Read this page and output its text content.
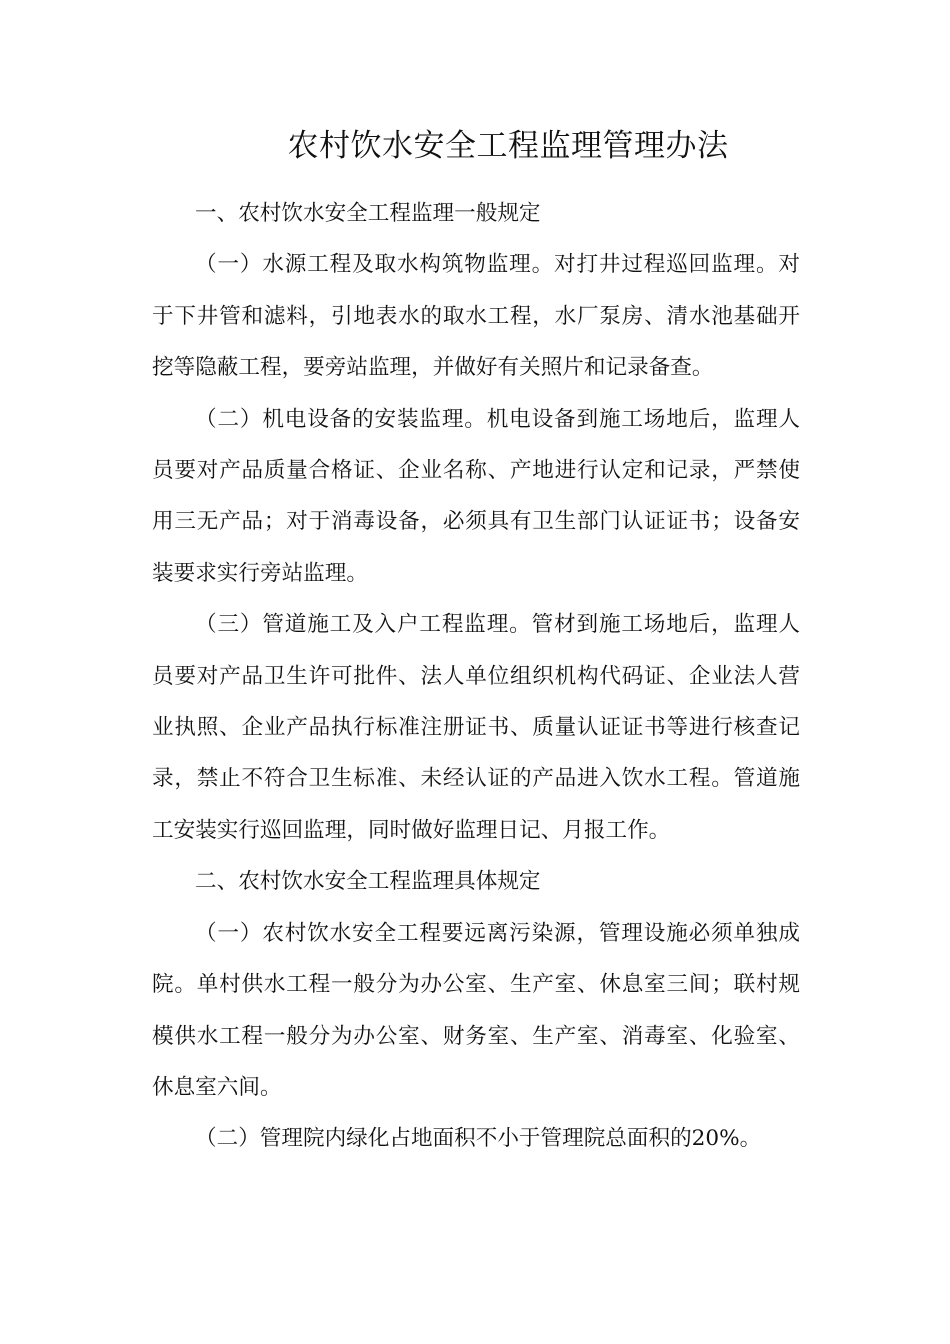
农村饮水安全工程监理管理办法

一、农村饮水安全工程监理一般规定

（一）水源工程及取水构筑物监理。对打井过程巡回监理。对
于下井管和滤料，引地表水的取水工程，水厂泵房、清水池基础开
挖等隐蔽工程，要旁站监理，并做好有关照片和记录备查。

（二）机电设备的安装监理。机电设备到施工场地后，监理人
员要对产品质量合格证、企业名称、产地进行认定和记录，严禁使
用三无产品；对于消毒设备，必须具有卫生部门认证证书；设备安
装要求实行旁站监理。

（三）管道施工及入户工程监理。管材到施工场地后，监理人
员要对产品卫生许可批件、法人单位组织机构代码证、企业法人营
业执照、企业产品执行标准注册证书、质量认证证书等进行核查记
录，禁止不符合卫生标准、未经认证的产品进入饮水工程。管道施
工安装实行巡回监理，同时做好监理日记、月报工作。

二、农村饮水安全工程监理具体规定

（一）农村饮水安全工程要远离污染源，管理设施必须单独成
院。单村供水工程一般分为办公室、生产室、休息室三间；联村规
模供水工程一般分为办公室、财务室、生产室、消毒室、化验室、
休息室六间。

（二）管理院内绿化占地面积不小于管理院总面积的20%。
